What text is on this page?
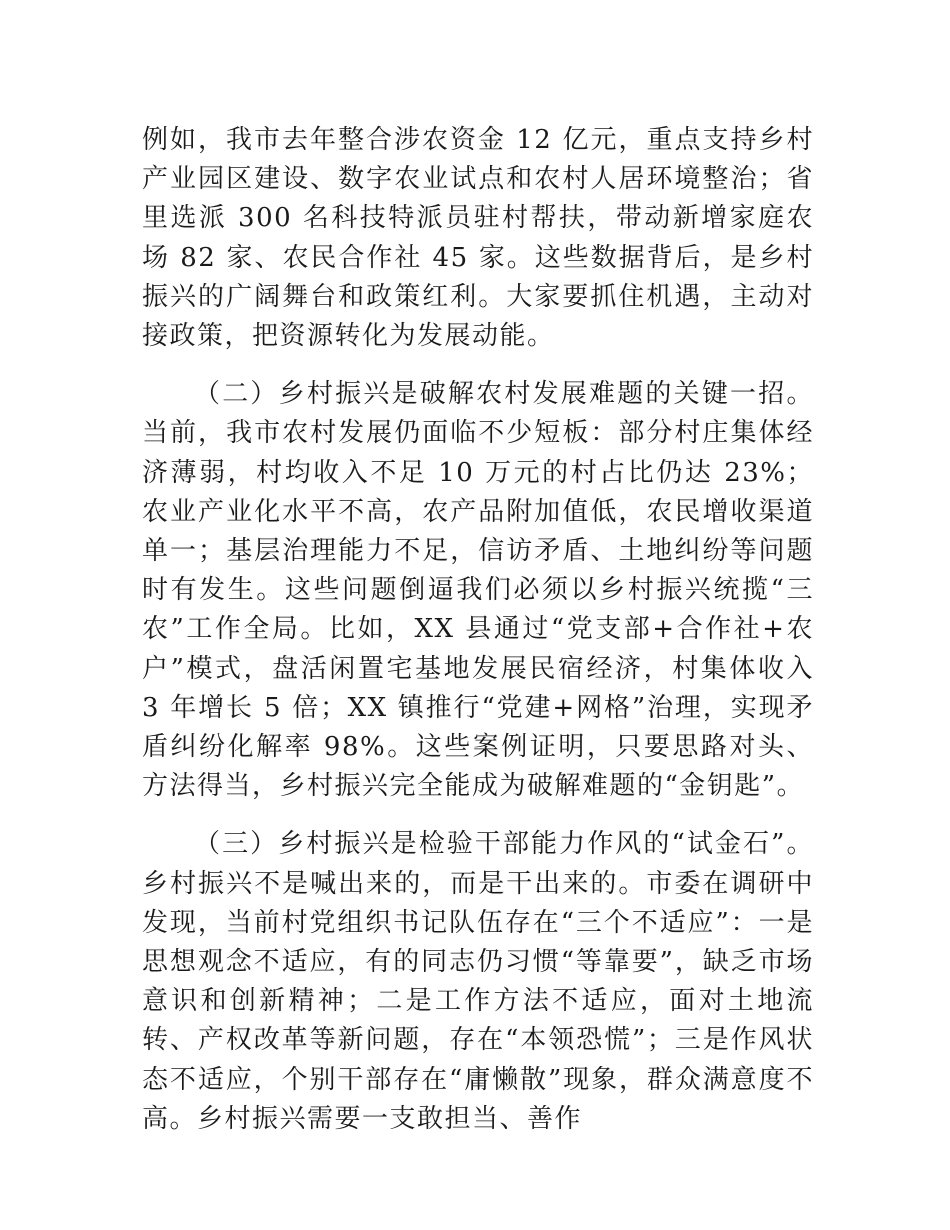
例如，我市去年整合涉农资金 12 亿元，重点支持乡村产业园区建设、数字农业试点和农村人居环境整治；省里选派 300 名科技特派员驻村帮扶，带动新增家庭农场 82 家、农民合作社 45 家。这些数据背后，是乡村振兴的广阔舞台和政策红利。大家要抓住机遇，主动对接政策，把资源转化为发展动能。

（二）乡村振兴是破解农村发展难题的关键一招。当前，我市农村发展仍面临不少短板：部分村庄集体经济薄弱，村均收入不足 10 万元的村占比仍达 23%；农业产业化水平不高，农产品附加值低，农民增收渠道单一；基层治理能力不足，信访矛盾、土地纠纷等问题时有发生。这些问题倒逼我们必须以乡村振兴统揽“三农”工作全局。比如，XX 县通过“党支部+合作社+农户”模式，盘活闲置宅基地发展民宿经济，村集体收入 3 年增长 5 倍；XX 镇推行“党建+网格”治理，实现矛盾纠纷化解率 98%。这些案例证明，只要思路对头、方法得当，乡村振兴完全能成为破解难题的“金钥匙”。

（三）乡村振兴是检验干部能力作风的“试金石”。乡村振兴不是喊出来的，而是干出来的。市委在调研中发现，当前村党组织书记队伍存在“三个不适应”：一是思想观念不适应，有的同志仍习惯“等靠要”，缺乏市场意识和创新精神；二是工作方法不适应，面对土地流转、产权改革等新问题，存在“本领恐慌”；三是作风状态不适应，个别干部存在“庸懒散”现象，群众满意度不高。乡村振兴需要一支敢担当、善作
